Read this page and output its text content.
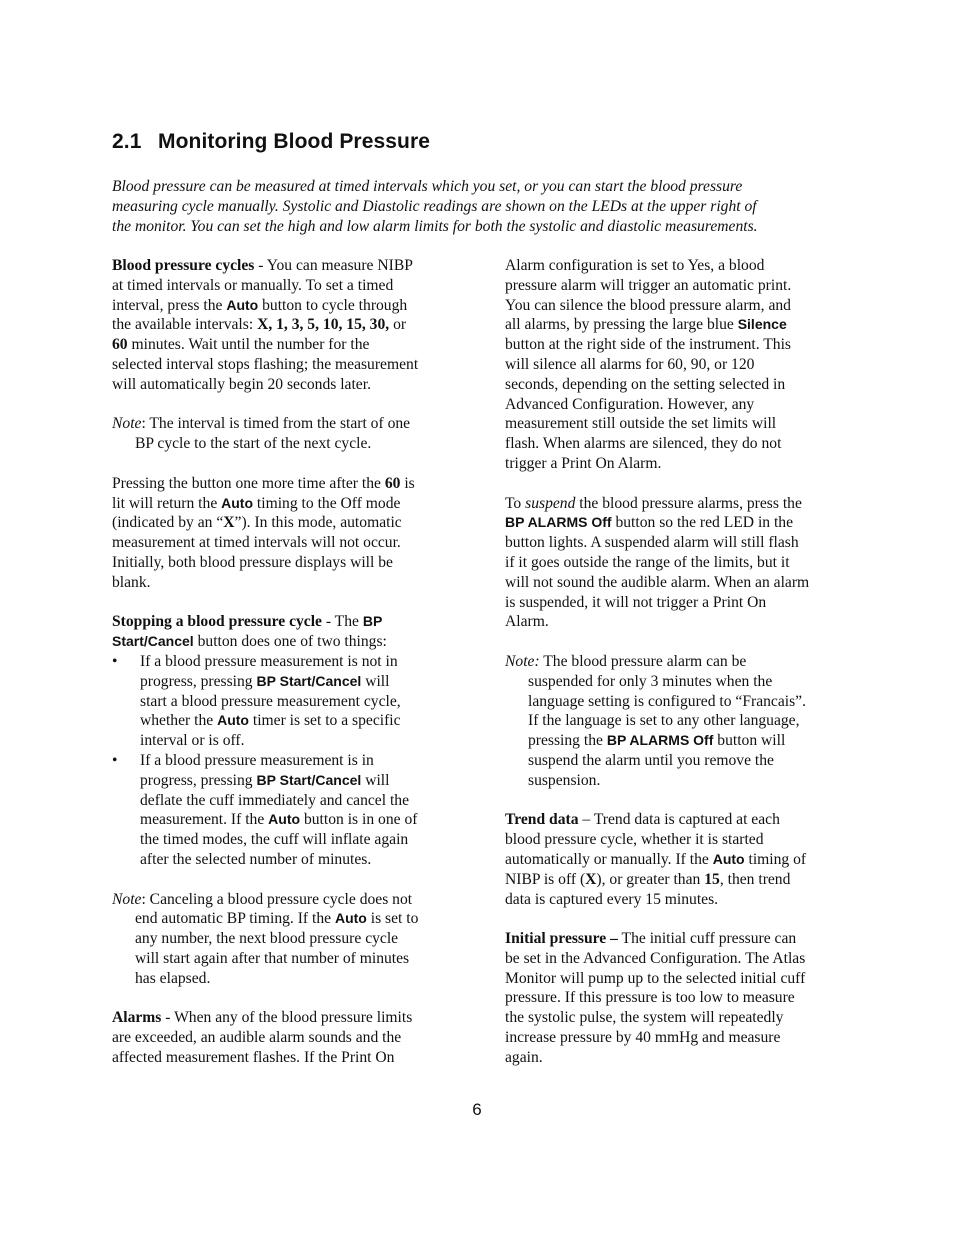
2.1 Monitoring Blood Pressure
Blood pressure can be measured at timed intervals which you set, or you can start the blood pressure
measuring cycle manually. Systolic and Diastolic readings are shown on the LEDs at the upper right of
the monitor. You can set the high and low alarm limits for both the systolic and diastolic measurements.
Blood pressure cycles - You can measure NIBP
at timed intervals or manually. To set a timed
interval, press the Auto button to cycle through
the available intervals: X, 1, 3, 5, 10, 15, 30, or
60 minutes. Wait until the number for the
selected interval stops flashing; the measurement
will automatically begin 20 seconds later.
Note: The interval is timed from the start of one
BP cycle to the start of the next cycle.
Pressing the button one more time after the 60 is
lit will return the Auto timing to the Off mode
(indicated by an “X”). In this mode, automatic
measurement at timed intervals will not occur.
Initially, both blood pressure displays will be
blank.
Stopping a blood pressure cycle - The BP
Start/Cancel button does one of two things:
• If a blood pressure measurement is not in
progress, pressing BP Start/Cancel will
start a blood pressure measurement cycle,
whether the Auto timer is set to a specific
interval or is off.
• If a blood pressure measurement is in
progress, pressing BP Start/Cancel will
deflate the cuff immediately and cancel the
measurement. If the Auto button is in one of
the timed modes, the cuff will inflate again
after the selected number of minutes.
Note: Canceling a blood pressure cycle does not
end automatic BP timing. If the Auto is set to
any number, the next blood pressure cycle
will start again after that number of minutes
has elapsed.
Alarms - When any of the blood pressure limits
are exceeded, an audible alarm sounds and the
affected measurement flashes. If the Print On
Alarm configuration is set to Yes, a blood
pressure alarm will trigger an automatic print.
You can silence the blood pressure alarm, and
all alarms, by pressing the large blue Silence
button at the right side of the instrument. This
will silence all alarms for 60, 90, or 120
seconds, depending on the setting selected in
Advanced Configuration. However, any
measurement still outside the set limits will
flash. When alarms are silenced, they do not
trigger a Print On Alarm.
To suspend the blood pressure alarms, press the
BP ALARMS Off button so the red LED in the
button lights. A suspended alarm will still flash
if it goes outside the range of the limits, but it
will not sound the audible alarm. When an alarm
is suspended, it will not trigger a Print On
Alarm.
Note: The blood pressure alarm can be
suspended for only 3 minutes when the
language setting is configured to “Francais”.
If the language is set to any other language,
pressing the BP ALARMS Off button will
suspend the alarm until you remove the
suspension.
Trend data – Trend data is captured at each
blood pressure cycle, whether it is started
automatically or manually. If the Auto timing of
NIBP is off (X), or greater than 15, then trend
data is captured every 15 minutes.
Initial pressure – The initial cuff pressure can
be set in the Advanced Configuration. The Atlas
Monitor will pump up to the selected initial cuff
pressure. If this pressure is too low to measure
the systolic pulse, the system will repeatedly
increase pressure by 40 mmHg and measure
again.
6
